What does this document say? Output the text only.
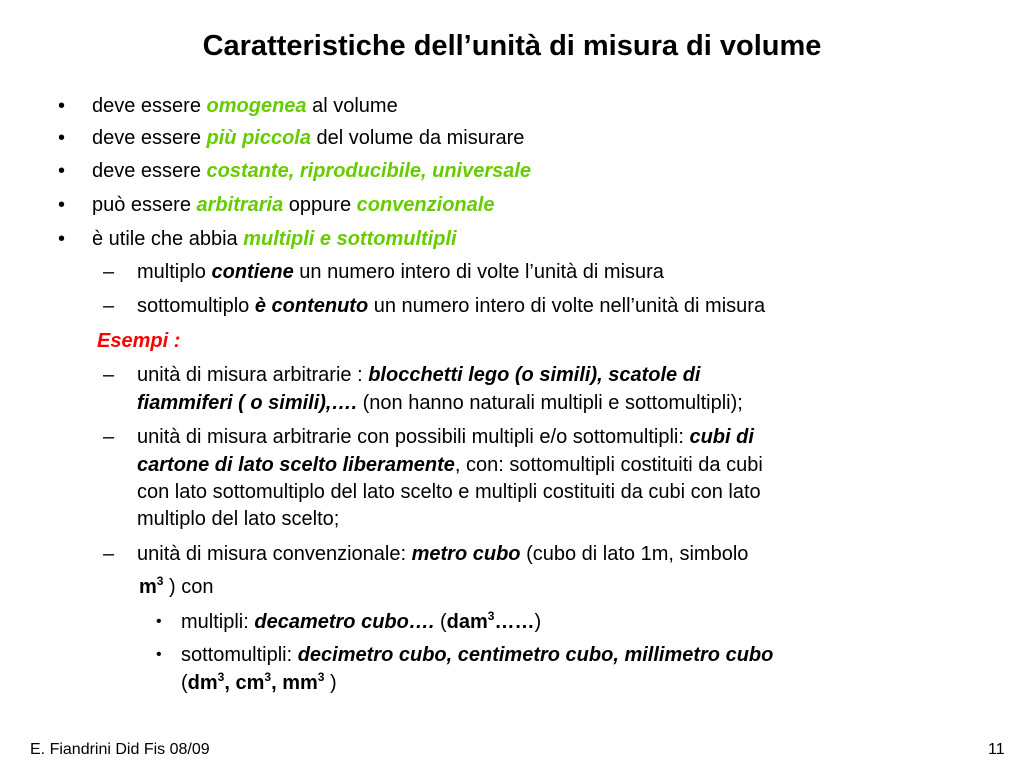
Caratteristiche dell’unità di misura di volume
• deve essere omogenea al volume
• deve essere più piccola del volume da misurare
• deve essere costante, riproducibile, universale
• può essere arbitraria oppure convenzionale
• è utile che abbia multipli e sottomultipli
– multiplo contiene un numero intero di volte l’unità di misura
– sottomultiplo è contenuto un numero intero di volte nell’unità di misura
Esempi :
– unità di misura arbitrarie : blocchetti lego (o simili), scatole di
fiammiferi ( o simili),…. (non hanno naturali multipli e sottomultipli);
– unità di misura arbitrarie con possibili multipli e/o sottomultipli: cubi di
cartone di lato scelto liberamente, con: sottomultipli costituiti da cubi
con lato sottomultiplo del lato scelto e multipli costituiti da cubi con lato
multiplo del lato scelto;
– unità di misura convenzionale: metro cubo (cubo di lato 1m, simbolo
$m^3$ ) con
• multipli: decametro cubo…. (dam$^3$……)
• sottomultipli: decimetro cubo, centimetro cubo, millimetro cubo
($dm^3$, $cm^3$, $mm^3$ )
E. Fiandrini Did Fis 08/09	11
